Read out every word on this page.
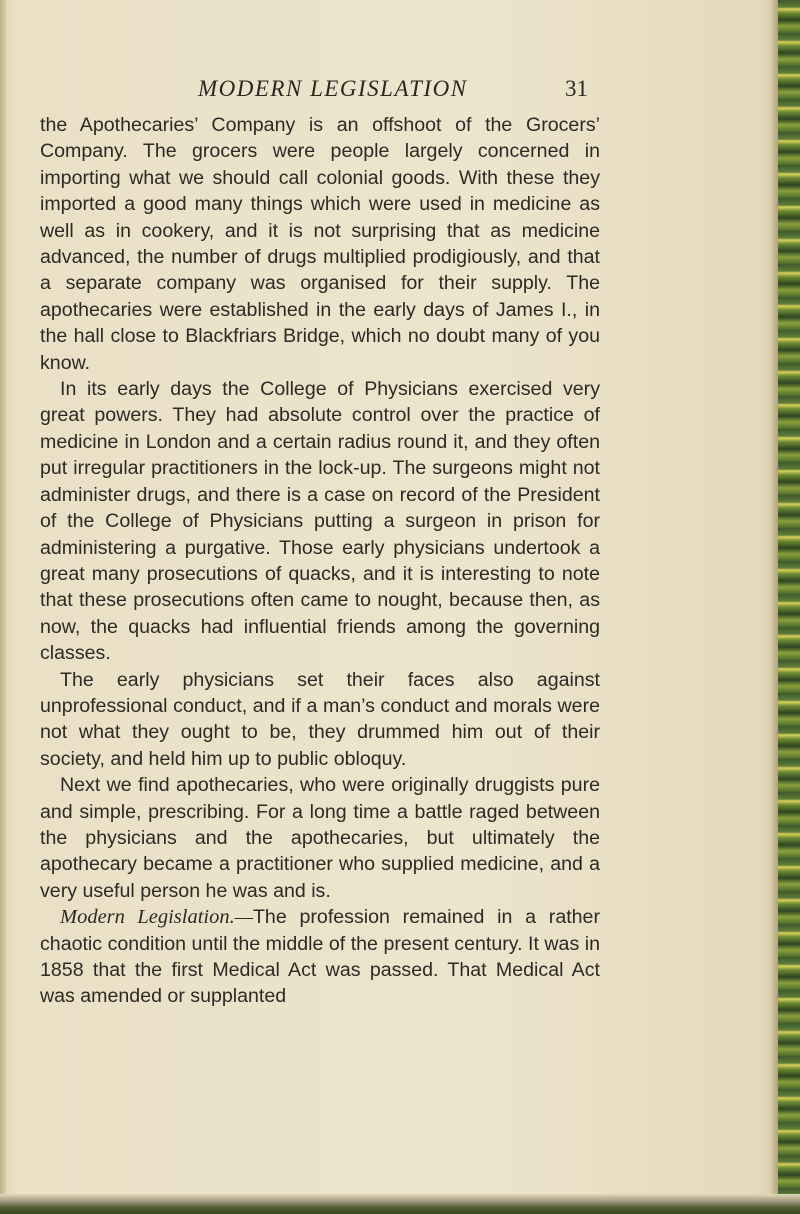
MODERN LEGISLATION	31

the Apothecaries’ Company is an offshoot of the Grocers’ Company. The grocers were people largely concerned in importing what we should call colonial goods. With these they imported a good many things which were used in medicine as well as in cookery, and it is not surprising that as medicine advanced, the number of drugs multiplied prodigiously, and that a separate company was organised for their supply. The apothecaries were established in the early days of James I., in the hall close to Blackfriars Bridge, which no doubt many of you know.

In its early days the College of Physicians exercised very great powers. They had absolute control over the practice of medicine in London and a certain radius round it, and they often put irregular practitioners in the lock-up. The surgeons might not administer drugs, and there is a case on record of the President of the College of Physicians putting a surgeon in prison for administering a purgative. Those early physicians undertook a great many prosecutions of quacks, and it is interesting to note that these prosecutions often came to nought, because then, as now, the quacks had influential friends among the governing classes.

The early physicians set their faces also against unprofessional conduct, and if a man’s conduct and morals were not what they ought to be, they drummed him out of their society, and held him up to public obloquy.

Next we find apothecaries, who were originally druggists pure and simple, prescribing. For a long time a battle raged between the physicians and the apothecaries, but ultimately the apothecary became a practitioner who supplied medicine, and a very useful person he was and is.

Modern Legislation.—The profession remained in a rather chaotic condition until the middle of the present century. It was in 1858 that the first Medical Act was passed. That Medical Act was amended or supplanted
